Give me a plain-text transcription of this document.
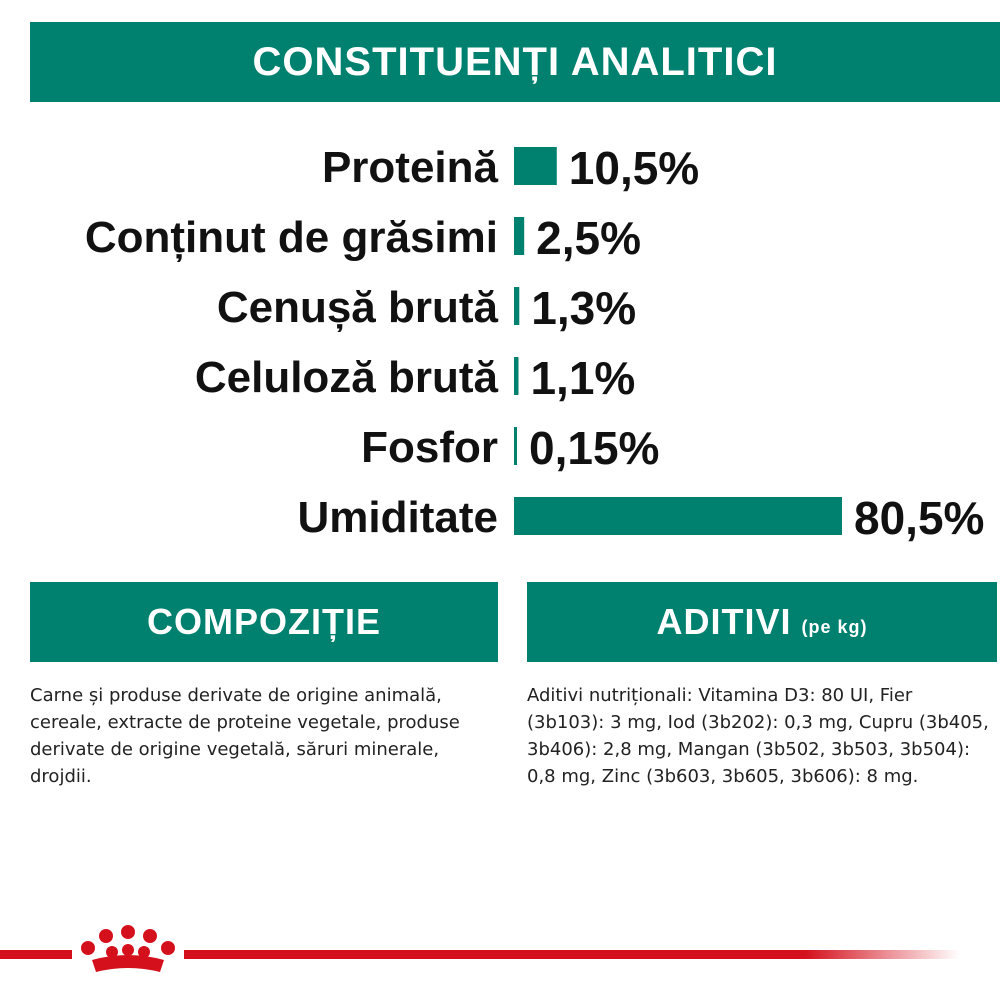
CONSTITUENȚI ANALITICI
Proteină 10,5%
Conținut de grăsimi 2,5%
Cenușă brută 1,3%
Celuloză brută 1,1%
Fosfor 0,15%
Umiditate	80,5%
COMPOZIȚIE	ADITIVI (pe kg)
Carne și produse derivate de origine animală, cereale, extracte de proteine vegetale, produse derivate de origine vegetală, săruri minerale, drojdii.
Aditivi nutriționali: Vitamina D3: 80 UI, Fier (3b103): 3 mg, Iod (3b202): 0,3 mg, Cupru (3b405, 3b406): 2,8 mg, Mangan (3b502, 3b503, 3b504): 0,8 mg, Zinc (3b603, 3b605, 3b606): 8 mg.
